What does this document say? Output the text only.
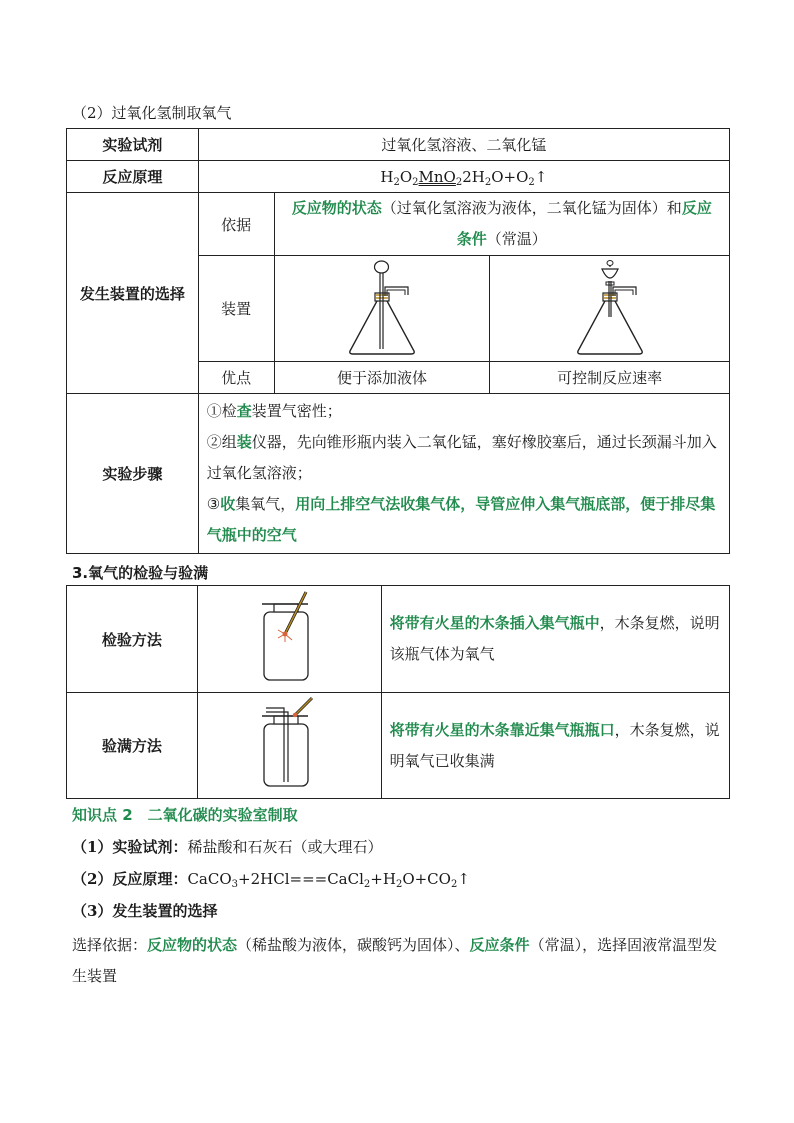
（2）过氧化氢制取氧气
实验试剂	过氧化氢溶液、二氧化锰		
反应原理	$H_2O_2MnO_22H_2O+O_2↑$		
发生装置的选择	依据	反应物的状态（过氧化氢溶液为液体，二氧化锰为固体）和反应条件（常温）	
	装置		
	优点	便于添加液体	可控制反应速率
实验步骤	①检查装置气密性；
②组装仪器，先向锥形瓶内装入二氧化锰，塞好橡胶塞后，通过长颈漏斗加入过氧化氢溶液；
③收集氧气，用向上排空气法收集气体，导管应伸入集气瓶底部，便于排尽集气瓶中的空气		
3.氧气的检验与验满
检验方法		将带有火星的木条插入集气瓶中，木条复燃，说明该瓶气体为氧气
验满方法		将带有火星的木条靠近集气瓶瓶口，木条复燃，说明氧气已收集满
知识点 2　二氧化碳的实验室制取
（1）实验试剂：稀盐酸和石灰石（或大理石）
（2）反应原理：$CaCO_3+2HCl===CaCl_2+H_2O+CO_2↑$
（3）发生装置的选择
选择依据：反应物的状态（稀盐酸为液体，碳酸钙为固体）、反应条件（常温），选择固液常温型发生装置
